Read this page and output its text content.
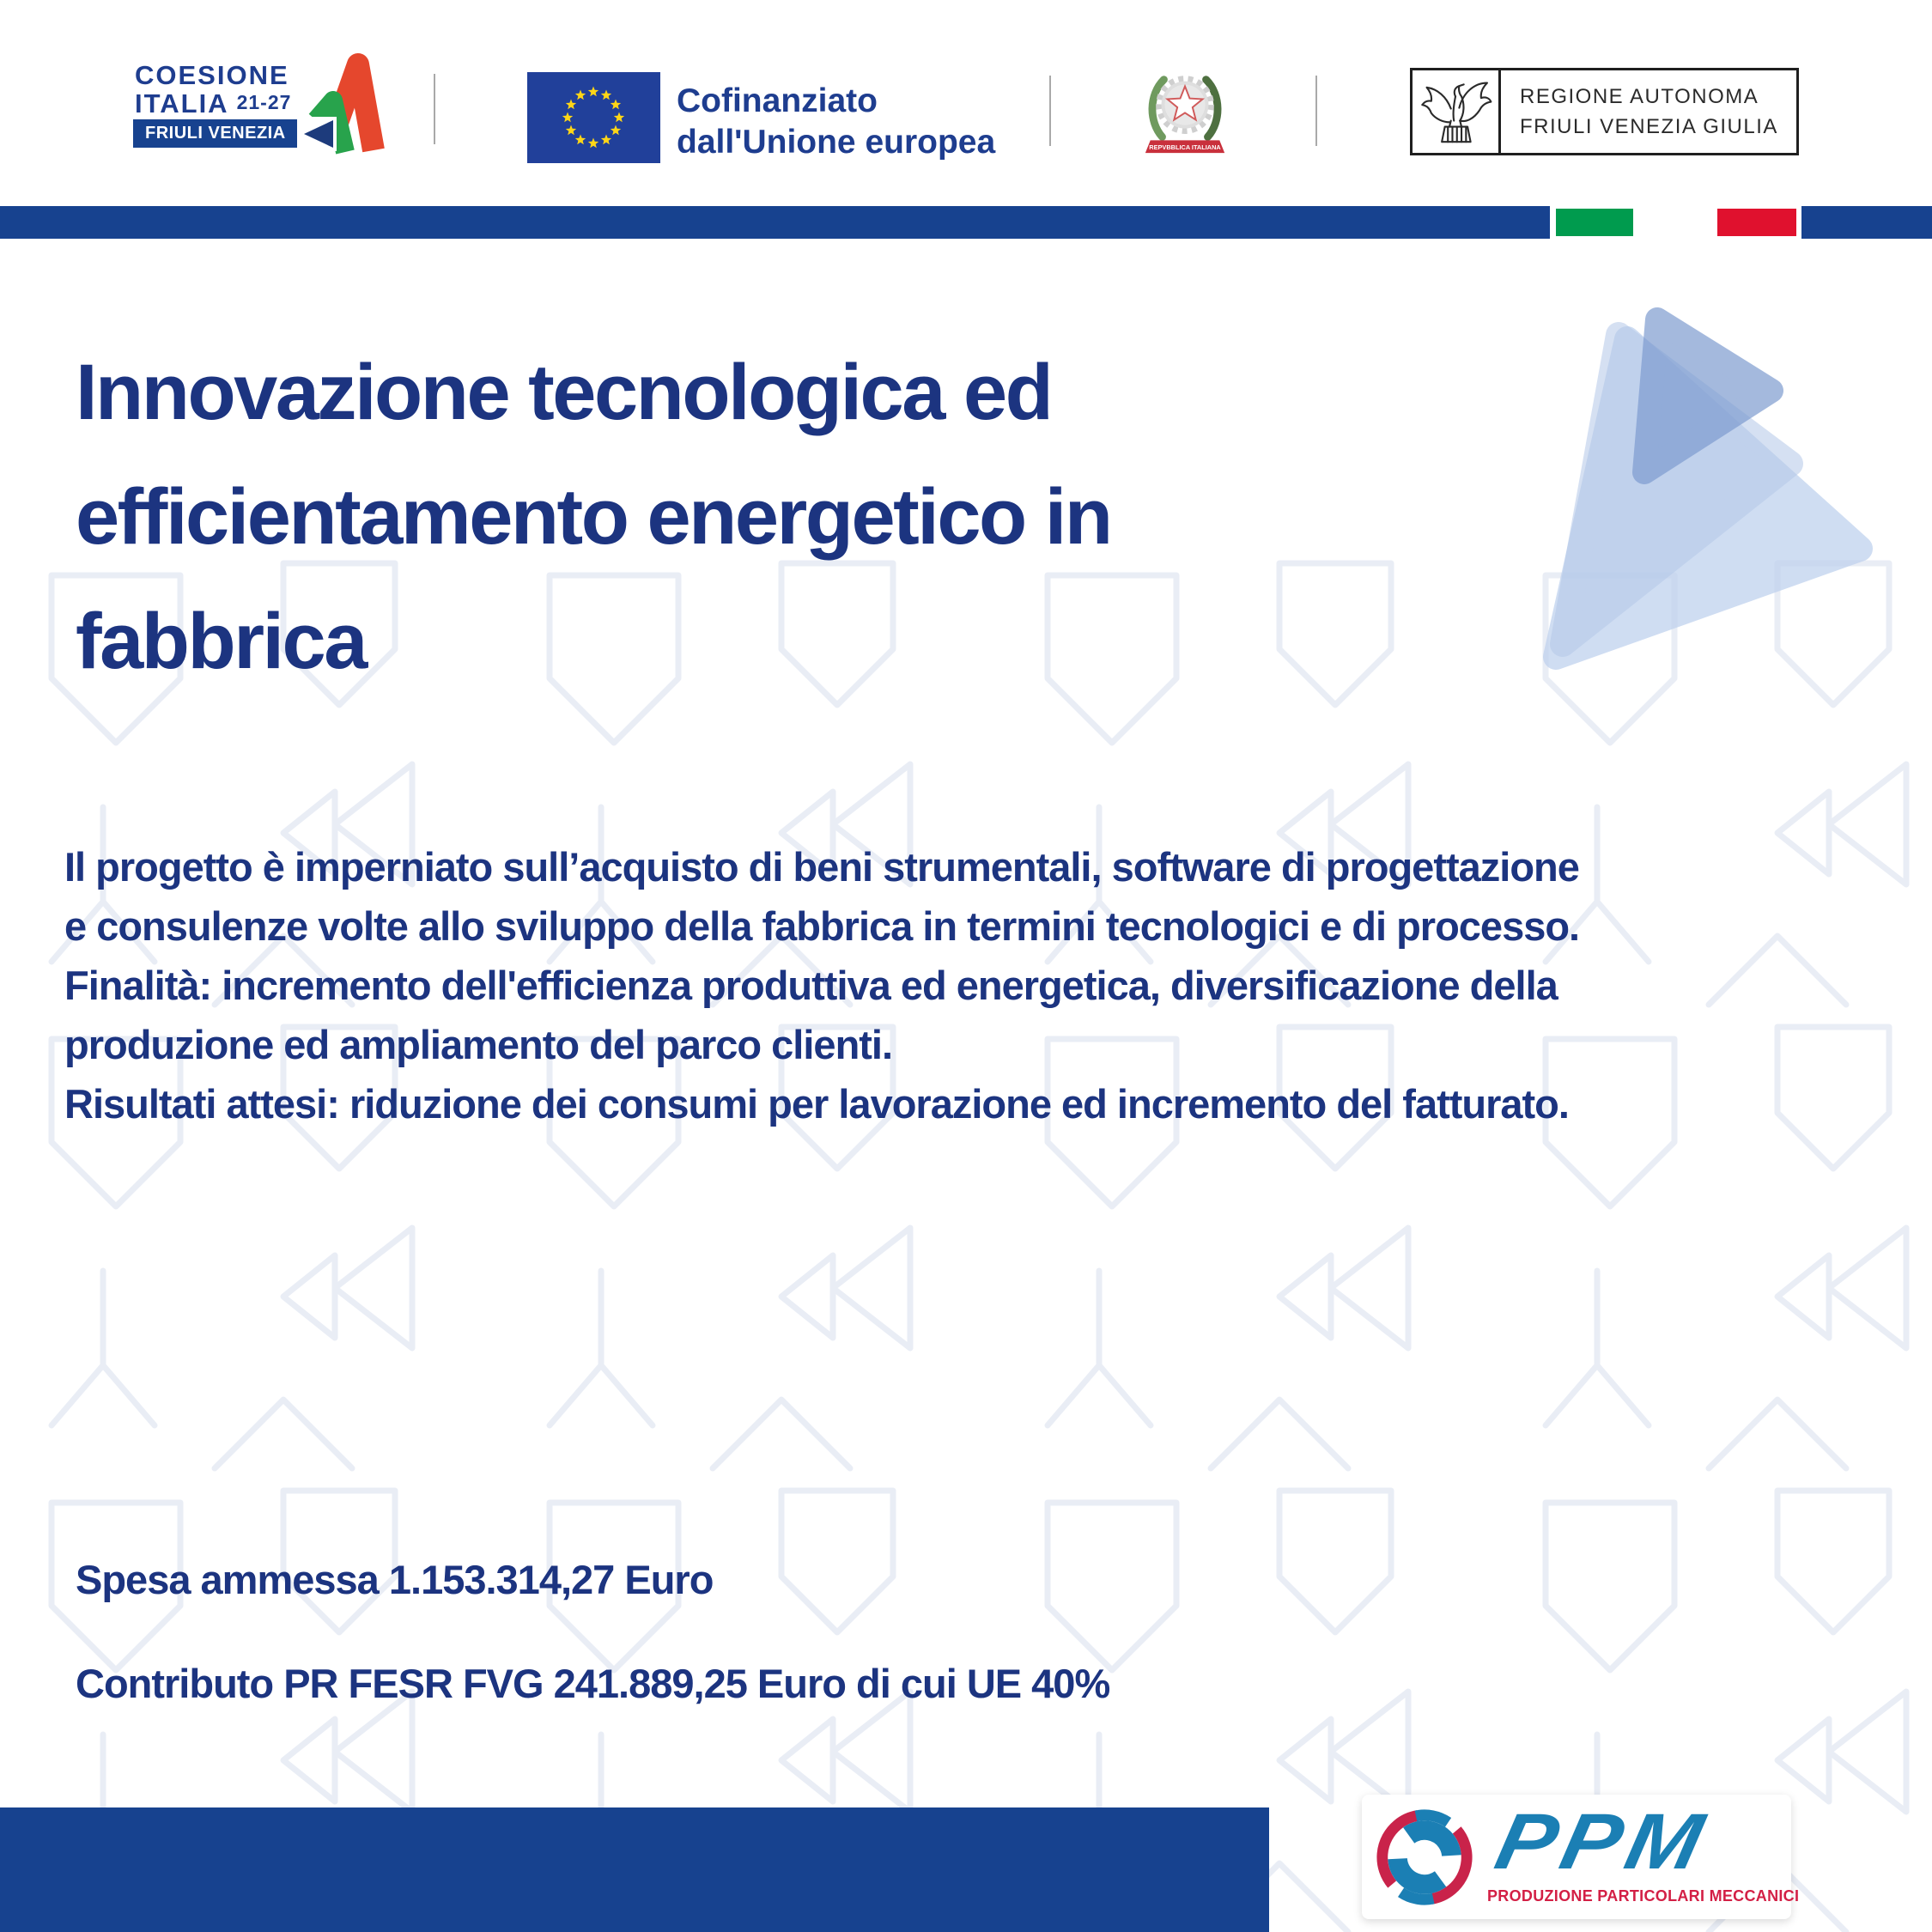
COESIONE
ITALIA 21-27
FRIULI VENEZIA GIULIA
Cofinanziato
dall'Unione europea	REPVBBLICA ITALIANA
REGIONE AUTONOMA
FRIULI VENEZIA GIULIA
Innovazione tecnologica ed
efficientamento energetico in
fabbrica
Il progetto è imperniato sull’acquisto di beni strumentali, software di progettazione
e consulenze volte allo sviluppo della fabbrica in termini tecnologici e di processo.
Finalità: incremento dell'efficienza produttiva ed energetica, diversificazione della
produzione ed ampliamento del parco clienti.
Risultati attesi: riduzione dei consumi per lavorazione ed incremento del fatturato.
Spesa ammessa 1.153.314,27 Euro
Contributo PR FESR FVG 241.889,25 Euro di cui UE 40%
PPM
PRODUZIONE PARTICOLARI MECCANICI
